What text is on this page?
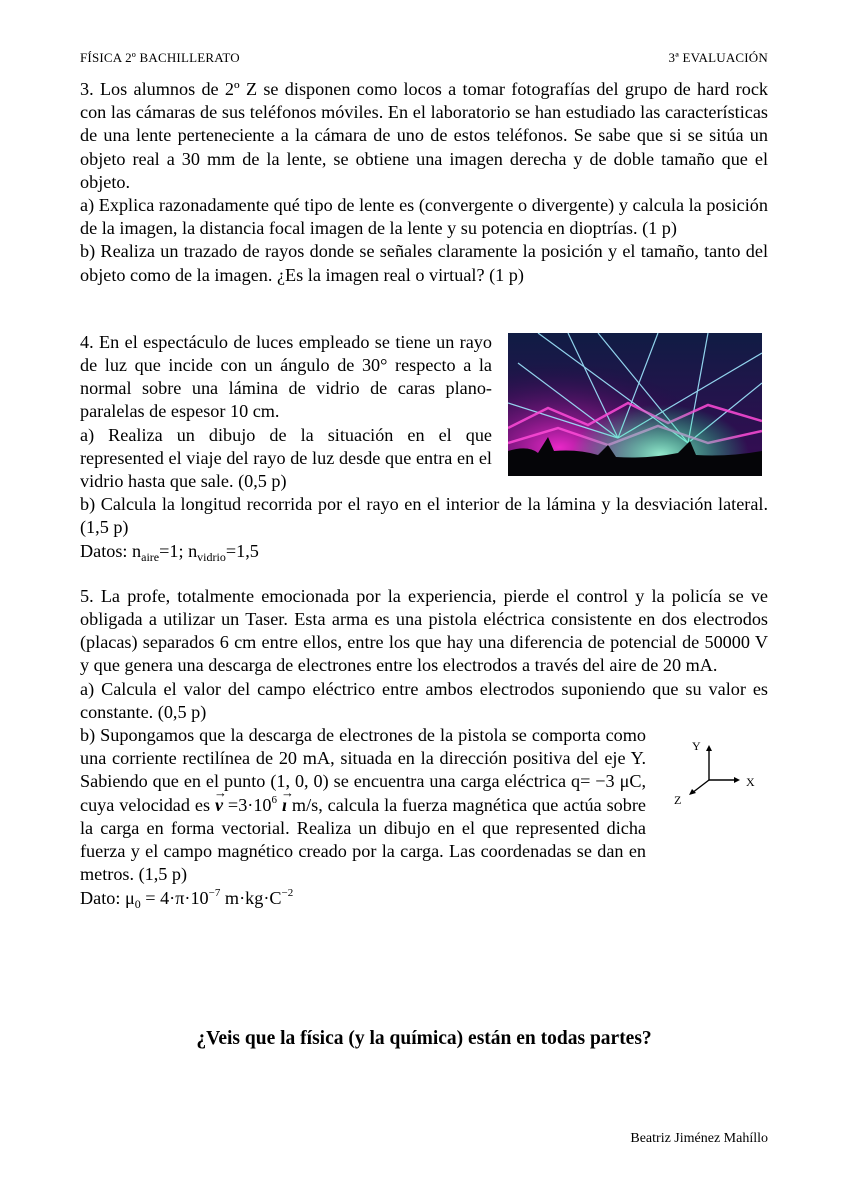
FÍSICA 2º BACHILLERATO	3ª EVALUACIÓN

3. Los alumnos de 2º Z se disponen como locos a tomar fotografías del grupo de hard rock con las cámaras de sus teléfonos móviles. En el laboratorio se han estudiado las características de una lente perteneciente a la cámara de uno de estos teléfonos. Se sabe que si se sitúa un objeto real a 30 mm de la lente, se obtiene una imagen derecha y de doble tamaño que el objeto.

a) Explica razonadamente qué tipo de lente es (convergente o divergente) y calcula la posición de la imagen, la distancia focal imagen de la lente y su potencia en dioptrías. (1 p)

b) Realiza un trazado de rayos donde se señales claramente la posición y el tamaño, tanto del objeto como de la imagen. ¿Es la imagen real o virtual? (1 p)

4. En el espectáculo de luces empleado se tiene un rayo de luz que incide con un ángulo de 30° respecto a la normal sobre una lámina de vidrio de caras plano-paralelas de espesor 10 cm.

a) Realiza un dibujo de la situación en el que represented el viaje del rayo de luz desde que entra en el vidrio hasta que sale. (0,5 p)

b) Calcula la longitud recorrida por el rayo en el interior de la lámina y la desviación lateral. (1,5 p)

Datos: $n_{aire}=1$; $n_{vidrio}=1,5$

5. La profe, totalmente emocionada por la experiencia, pierde el control y la policía se ve obligada a utilizar un Taser. Esta arma es una pistola eléctrica consistente en dos electrodos (placas) separados 6 cm entre ellos, entre los que hay una diferencia de potencial de 50000 V y que genera una descarga de electrones entre los electrodos a través del aire de 20 mA.

a) Calcula el valor del campo eléctrico entre ambos electrodos suponiendo que su valor es constante. (0,5 p)

b) Supongamos que la descarga de electrones de la pistola se comporta como una corriente rectilínea de 20 mA, situada en la dirección positiva del eje Y. Sabiendo que en el punto (1, 0, 0) se encuentra una carga eléctrica q= −3 μC, cuya velocidad es → $v =3\cdot 10^6$ → ı m/s, calcula la fuerza magnética que actúa sobre la carga en forma vectorial. Realiza un dibujo en el que represented dicha fuerza y el campo magnético creado por la carga. Las coordenadas se dan en metros. (1,5 p)

Y
X
Z

Dato: $\mu_0 = 4\cdot\pi\cdot 10^{-7}$ $m\cdot kg\cdot C^{-2}$

¿Veis que la física (y la química) están en todas partes?
Beatriz Jiménez Mahíllo
